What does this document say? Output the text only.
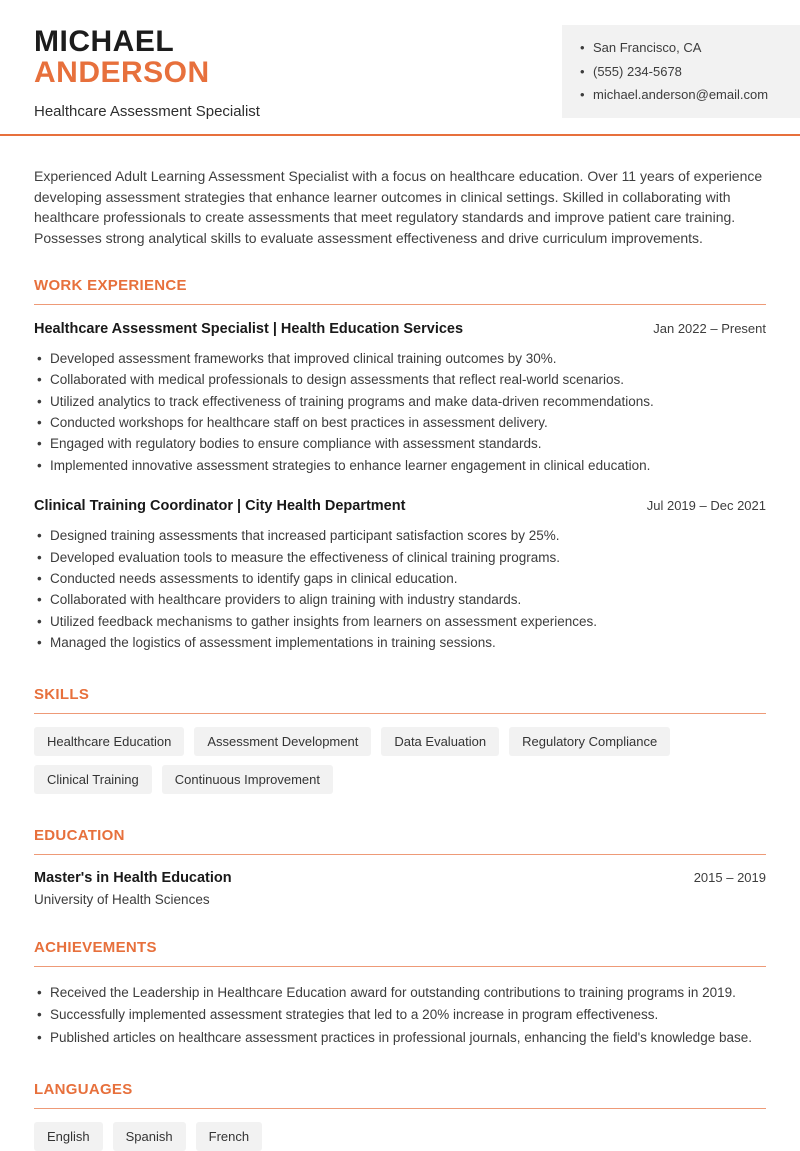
MICHAEL
ANDERSON
Healthcare Assessment Specialist
• San Francisco, CA
• (555) 234-5678
• michael.anderson@email.com

Experienced Adult Learning Assessment Specialist with a focus on healthcare education. Over 11 years of experience developing assessment strategies that enhance learner outcomes in clinical settings. Skilled in collaborating with healthcare professionals to create assessments that meet regulatory standards and improve patient care training. Possesses strong analytical skills to evaluate assessment effectiveness and drive curriculum improvements.

WORK EXPERIENCE
Healthcare Assessment Specialist | Health Education Services	Jan 2022 – Present
• Developed assessment frameworks that improved clinical training outcomes by 30%.
• Collaborated with medical professionals to design assessments that reflect real-world scenarios.
• Utilized analytics to track effectiveness of training programs and make data-driven recommendations.
• Conducted workshops for healthcare staff on best practices in assessment delivery.
• Engaged with regulatory bodies to ensure compliance with assessment standards.
• Implemented innovative assessment strategies to enhance learner engagement in clinical education.
Clinical Training Coordinator | City Health Department	Jul 2019 – Dec 2021
• Designed training assessments that increased participant satisfaction scores by 25%.
• Developed evaluation tools to measure the effectiveness of clinical training programs.
• Conducted needs assessments to identify gaps in clinical education.
• Collaborated with healthcare providers to align training with industry standards.
• Utilized feedback mechanisms to gather insights from learners on assessment experiences.
• Managed the logistics of assessment implementations in training sessions.
SKILLS
Healthcare Education	Assessment Development	Data Evaluation	Regulatory Compliance
Clinical Training	Continuous Improvement
EDUCATION
Master's in Health Education	2015 – 2019
University of Health Sciences
ACHIEVEMENTS
• Received the Leadership in Healthcare Education award for outstanding contributions to training programs in 2019.
• Successfully implemented assessment strategies that led to a 20% increase in program effectiveness.
• Published articles on healthcare assessment practices in professional journals, enhancing the field's knowledge base.
LANGUAGES
English	Spanish	French
